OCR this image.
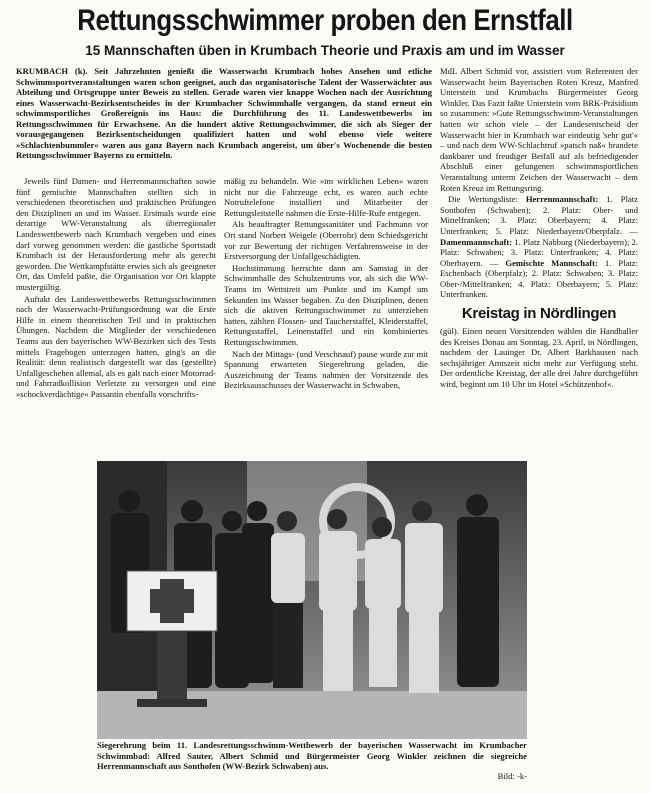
Rettungsschwimmer proben den Ernstfall
15 Mannschaften üben in Krumbach Theorie und Praxis am und im Wasser

KRUMBACH (k). Seit Jahrzehnten genießt die Wasserwacht Krumbach hohes Ansehen und etliche Schwimmsportveranstaltungen waren schon geeignet, auch das organisatorische Talent der Wasserwächter aus Abteilung und Ortsgruppe unter Beweis zu stellen. Gerade waren vier knappe Wochen nach der Ausrichtung eines Wasserwacht-Bezirksentscheides in der Krumbacher Schwimmhalle vergangen, da stand erneut ein schwimmsportliches Großereignis ins Haus: die Durchführung des 11. Landeswettbewerbs im Rettungsschwimmen für Erwachsene. An die hundert aktive Rettungsschwimmer, die sich als Sieger der vorausgegangenen Bezirksentscheidungen qualifiziert hatten und wohl ebenso viele weitere »Schlachtenbummler« waren aus ganz Bayern nach Krumbach angereist, um über's Wochenende die besten Rettungsschwimmer Bayerns zu ermitteln.

Jeweils fünf Damen- und Herrenmannschaften sowie fünf gemischte Mannschaften stellten sich in verschiedenen theoretischen und praktischen Prüfungen den Disziplinen an und im Wasser. Erstmals wurde eine derartige WW-Veranstaltung als überregionaler Landeswettbewerb nach Krumbach vergeben und eines darf vorweg genommen werden: die gastliche Sportstadt Krumbach ist der Herausforderung mehr als gerecht geworden. Die Wettkampfstätte erwies sich als geeigneter Ort, das Umfeld paßte, die Organisation vor Ort klappte mustergültig.

Auftakt des Landeswettbewerbs Rettungsschwimmen nach der Wasserwacht-Prüfungsordnung war die Erste Hilfe in einem theoretischen Teil und in praktischen Übungen. Nachdem die Mitglieder der verschiedenen Teams aus den bayerischen WW-Bezirken sich des Tests mittels Fragebogen unterzogen hatten, ging's an die Realität: denn realistisch dargestellt war das (gestellte) Unfallgeschehen allemal, als es galt nach einer Motorrad- und Fahrradkollision Verletzte zu versorgen und eine »schockverdächtige« Passantin ebenfalls vorschrifts-

mäßig zu behandeln. Wie »im wirklichen Leben« waren nicht nur die Fahrzeuge echt, es waren auch echte Notruftelefone installiert und Mitarbeiter der Rettungsleitstelle nahmen die Erste-Hilfe-Rufe entgegen.

Als beauftragter Rettungssanitäter und Fachmann vor Ort stand Norbert Weigele (Oberrohr) dem Schiedsgericht vor zur Bewertung der richtigen Verfahrensweise in der Erstversorgung der Unfallgeschädigten.

Hochstimmung herrschte dann am Samstag in der Schwimmhalle des Schulzentrums vor, als sich die WW-Teams im Wettstreit um Punkte und im Kampf um Sekunden ins Wasser begaben. Zu den Disziplinen, denen sich die aktiven Rettungsschwimmer zu unterziehen hatten, zählten Flossen- und Taucherstaffel, Kleiderstaffel, Rettungsstaffel, Leinenstaffel und ein kombiniertes Rettungsschwimmen.

Nach der Mittags- (und Verschnauf) pause wurde zur mit Spannung erwarteten Siegerehrung geladen, die Auszeichnung der Teams nahmen der Vorsitzende des Bezirksausschusses der Wasserwacht in Schwaben,

MdL Albert Schmid vor, assistiert vom Referenten der Wasserwacht beim Bayerischen Roten Kreuz, Manfred Unterstein und Krumbachs Bürgermeister Georg Winkler. Das Fazit faßte Unterstein vom BRK-Präsidium so zusammen: »Gute Rettungsschwimm-Veranstaltungen hatten wir schon viele – der Landesentscheid der Wasserwacht hier in Krumbach war eindeutig 'sehr gut'« – und nach dem WW-Schlachtruf »patsch naß« brandete dankbarer und freudiger Beifall auf als befriedigender Abschluß einer gelungenen schwimmsportlichen Veranstaltung unterm Zeichen der Wasserwacht – dem Roten Kreuz im Rettungsring.

Die Wertungsliste: Herrenmannschaft: 1. Platz Sonthofen (Schwaben); 2. Platz: Ober- und Mittelfranken; 3. Platz: Oberbayern; 4. Platz: Unterfranken; 5. Platz: Niederbayern/Oberpfalz. — Damenmannschaft: 1. Platz Nabburg (Niederbayern); 2. Platz: Schwaben; 3. Platz: Unterfranken; 4. Platz: Oberbayern. — Gemischte Mannschaft: 1. Platz: Eschenbach (Oberpfalz); 2. Platz: Schwaben; 3. Platz: Ober-/Mittelfranken; 4. Platz: Oberbayern; 5. Platz: Unterfranken.

Kreistag in Nördlingen

(gül). Einen neuen Vorsitzenden wählen die Handballer des Kreises Donau am Sonntag, 23. April, in Nördlingen, nachdem der Lauinger Dr. Albert Barkhausen nach sechsjähriger Amtszeit nicht mehr zur Verfügung steht. Der ordentliche Kreistag, der alle drei Jahre durchgeführt wird, beginnt um 10 Uhr im Hotel »Schützenhof«.

Siegerehrung beim 11. Landesrettungsschwimm-Wettbewerb der bayerischen Wasserwacht im Krumbacher Schwimmbad: Alfred Sauter, Albert Schmid und Bürgermeister Georg Winkler zeichnen die siegreiche Herrenmannschaft aus Sonthofen (WW-Bezirk Schwaben) aus.
Bild: -k-
